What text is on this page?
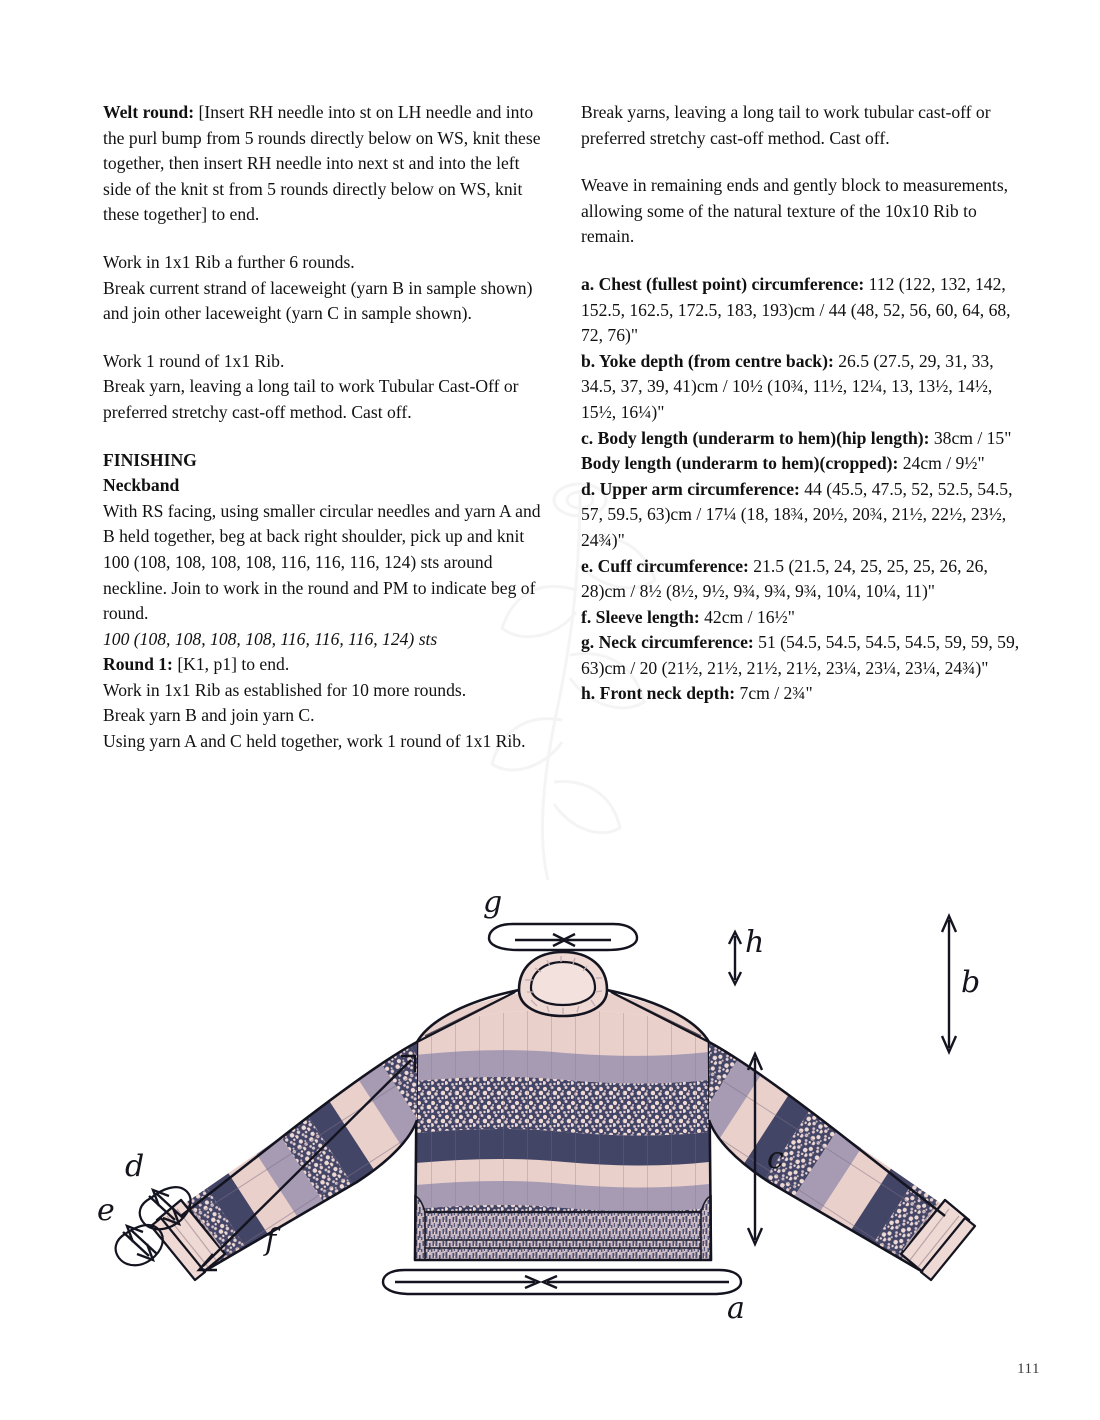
Welt round: [Insert RH needle into st on LH needle and into the purl bump from 5 rounds directly below on WS, knit these together, then insert RH needle into next st and into the left side of the knit st from 5 rounds directly below on WS, knit these together] to end.

Work in 1x1 Rib a further 6 rounds.

Break current strand of laceweight (yarn B in sample shown) and join other laceweight (yarn C in sample shown).

Work 1 round of 1x1 Rib.

Break yarn, leaving a long tail to work Tubular Cast-Off or preferred stretchy cast-off method. Cast off.

FINISHING

Neckband

With RS facing, using smaller circular needles and yarn A and B held together, beg at back right shoulder, pick up and knit 100 (108, 108, 108, 108, 116, 116, 116, 124) sts around neckline. Join to work in the round and PM to indicate beg of round.

100 (108, 108, 108, 108, 116, 116, 116, 124) sts

Round 1: [K1, p1] to end.

Work in 1x1 Rib as established for 10 more rounds.

Break yarn B and join yarn C.

Using yarn A and C held together, work 1 round of 1x1 Rib.

Break yarns, leaving a long tail to work tubular cast-off or preferred stretchy cast-off method. Cast off.

Weave in remaining ends and gently block to measurements, allowing some of the natural texture of the 10x10 Rib to remain.

a. Chest (fullest point) circumference: 112 (122, 132, 142, 152.5, 162.5, 172.5, 183, 193)cm / 44 (48, 52, 56, 60, 64, 68, 72, 76)"

b. Yoke depth (from centre back): 26.5 (27.5, 29, 31, 33, 34.5, 37, 39, 41)cm / 10½ (10¾, 11½, 12¼, 13, 13½, 14½, 15½, 16¼)"

c. Body length (underarm to hem)(hip length): 38cm / 15"

Body length (underarm to hem)(cropped): 24cm / 9½"

d. Upper arm circumference: 44 (45.5, 47.5, 52, 52.5, 54.5, 57, 59.5, 63)cm / 17¼ (18, 18¾, 20½, 20¾, 21½, 22½, 23½, 24¾)"

e. Cuff circumference: 21.5 (21.5, 24, 25, 25, 25, 26, 26, 28)cm / 8½ (8½, 9½, 9¾, 9¾, 9¾, 10¼, 10¼, 11)"

f. Sleeve length: 42cm / 16½"

g. Neck circumference: 51 (54.5, 54.5, 54.5, 54.5, 59, 59, 59, 63)cm / 20 (21½, 21½, 21½, 21½, 23¼, 23¼, 23¼, 24¾)"

h. Front neck depth: 7cm / 2¾"

111
g
h
b
c
f
d
e
a
